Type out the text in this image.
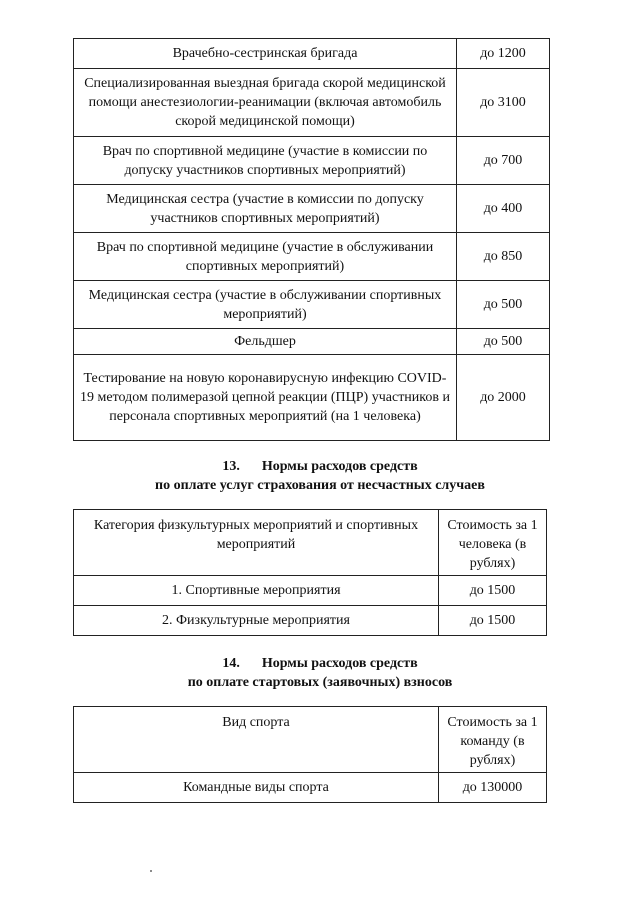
Врачебно-сестринская бригада	до 1200
Специализированная выездная бригада скорой медицинской помощи анестезиологии-реанимации (включая автомобиль скорой медицинской помощи)	до 3100
Врач по спортивной медицине (участие в комиссии по допуску участников спортивных мероприятий)	до 700
Медицинская сестра (участие в комиссии по допуску участников спортивных мероприятий)	до 400
Врач по спортивной медицине (участие в обслуживании спортивных мероприятий)	до 850
Медицинская сестра (участие в обслуживании спортивных мероприятий)	до 500
Фельдшер	до 500
Тестирование на новую коронавирусную инфекцию COVID-19 методом полимеразой цепной реакции (ПЦР) участников и персонала спортивных мероприятий (на 1 человека)	до 2000
13. Нормы расходов средств
по оплате услуг страхования от несчастных случаев
Категория физкультурных мероприятий и спортивных мероприятий	Стоимость за 1 человека (в рублях)
1. Спортивные мероприятия	до 1500
2. Физкультурные мероприятия	до 1500
14. Нормы расходов средств
по оплате стартовых (заявочных) взносов
Вид спорта	Стоимость за 1 команду (в рублях)
Командные виды спорта	до 130000
